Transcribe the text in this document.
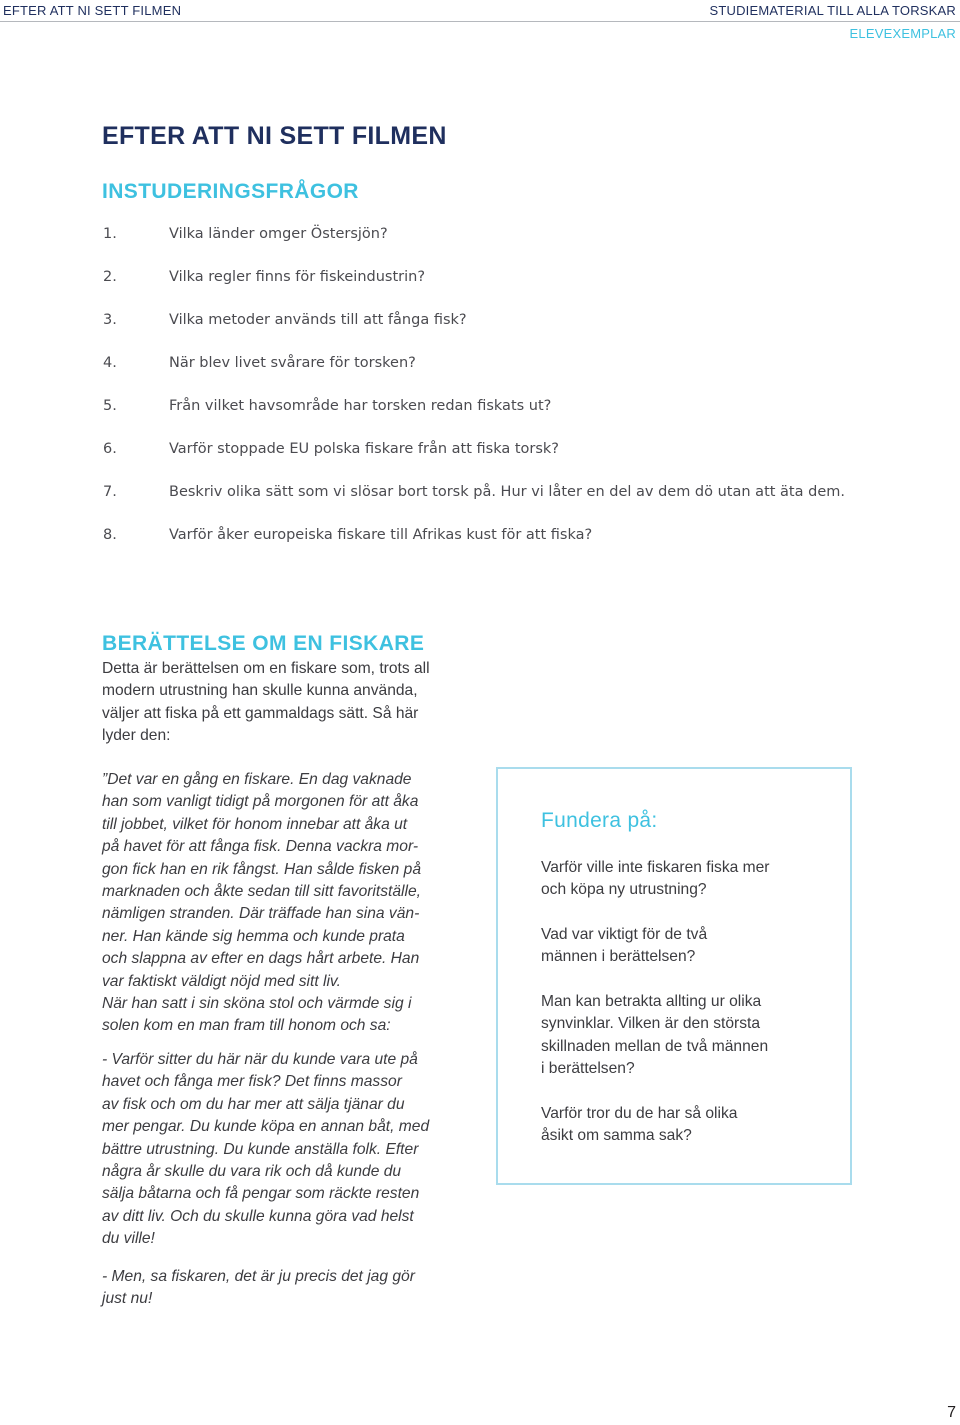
EFTER ATT NI SETT FILMEN	STUDIEMATERIAL TILL ALLA TORSKAR
ELEVEXEMPLAR
EFTER ATT NI SETT FILMEN
INSTUDERINGSFRÅGOR
1.	Vilka länder omger Östersjön?
2.	Vilka regler finns för fiskeindustrin?
3.	Vilka metoder används till att fånga fisk?
4.	När blev livet svårare för torsken?
5.	Från vilket havsområde har torsken redan fiskats ut?
6.	Varför stoppade EU polska fiskare från att fiska torsk?
7.	Beskriv olika sätt som vi slösar bort torsk på. Hur vi låter en del av dem dö utan att äta dem.
8.	Varför åker europeiska fiskare till Afrikas kust för att fiska?
BERÄTTELSE OM EN FISKARE

Detta är berättelsen om en fiskare som, trots all modern utrustning han skulle kunna använda, väljer att fiska på ett gammaldags sätt. Så här lyder den:

”Det var en gång en fiskare. En dag vaknade
han som vanligt tidigt på morgonen för att åka
till jobbet, vilket för honom innebar att åka ut
på havet för att fånga fisk. Denna vackra mor-
gon fick han en rik fångst. Han sålde fisken på
marknaden och åkte sedan till sitt favoritställe,
nämligen stranden. Där träffade han sina vän-
ner. Han kände sig hemma och kunde prata
och slappna av efter en dags hårt arbete. Han
var faktiskt väldigt nöjd med sitt liv.
När han satt i sin sköna stol och värmde sig i
solen kom en man fram till honom och sa:

- Varför sitter du här när du kunde vara ute på
havet och fånga mer fisk? Det finns massor
av fisk och om du har mer att sälja tjänar du
mer pengar. Du kunde köpa en annan båt, med
bättre utrustning. Du kunde anställa folk. Efter
några år skulle du vara rik och då kunde du
sälja båtarna och få pengar som räckte resten
av ditt liv. Och du skulle kunna göra vad helst
du ville!

- Men, sa fiskaren, det är ju precis det jag gör
just nu!

Fundera på:

Varför ville inte fiskaren fiska mer
och köpa ny utrustning?

Vad var viktigt för de två
männen i berättelsen?

Man kan betrakta allting ur olika
synvinklar. Vilken är den största
skillnaden mellan de två männen
i berättelsen?

Varför tror du de har så olika
åsikt om samma sak?

7
